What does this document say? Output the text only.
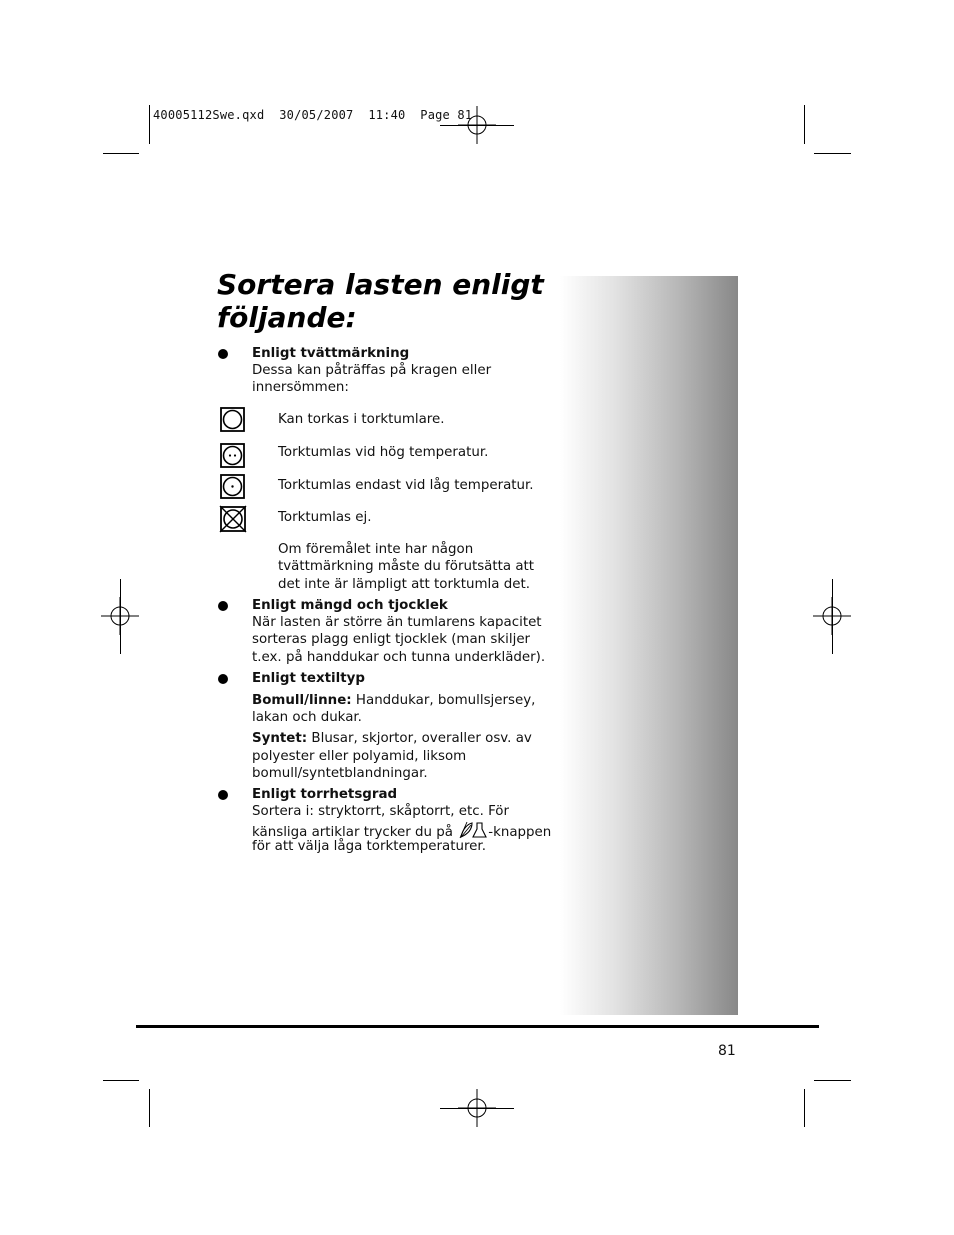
40005112Swe.qxd  30/05/2007  11:40  Page 81
Sortera lasten enligt
följande:
Enligt tvättmärkning
Dessa kan påträffas på kragen eller
innersömmen:
Kan torkas i torktumlare.
Torktumlas vid hög temperatur.
Torktumlas endast vid låg temperatur.
Torktumlas ej.
Om föremålet inte har någon
tvättmärkning måste du förutsätta att
det inte är lämpligt att torktumla det.
Enligt mängd och tjocklek
När lasten är större än tumlarens kapacitet
sorteras plagg enligt tjocklek (man skiljer
t.ex. på handdukar och tunna underkläder).
Enligt textiltyp
Bomull/linne: Handdukar, bomullsjersey,
lakan och dukar.
Syntet: Blusar, skjortor, overaller osv. av
polyester eller polyamid, liksom
bomull/syntetblandningar.
Enligt torrhetsgrad
Sortera i: stryktorrt, skåptorrt, etc. För
känsliga artiklar trycker du på	-knappen
för att välja låga torktemperaturer.
81
